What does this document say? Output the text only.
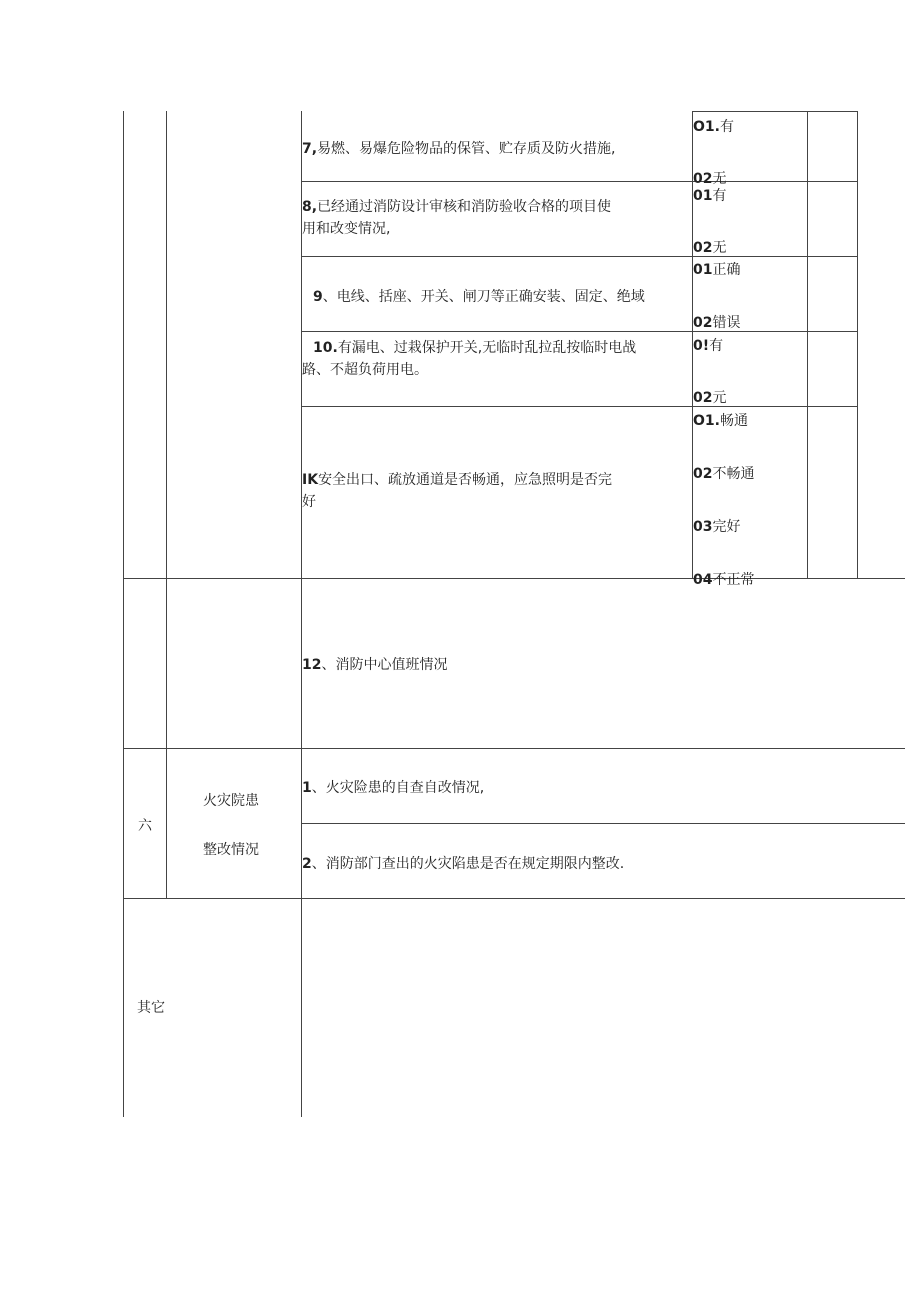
7,易燃、易爆危险物品的保管、贮存质及防火措施,
O1.有
02无
8,已经通过消防设计审核和消防验收合格的项目使
用和改变情况,
01有
02无
9、电线、括座、开关、闸刀等正确安装、固定、绝域
01正确
02错误
10.有漏电、过栽保护开关,无临时乱拉乱按临时电战
路、不超负荷用电。
0!有
02元
IK安全出口、疏放通道是否畅通，应急照明是否完
好
O1.畅通
02不畅通
03完好
04不正常
12、消防中心值班情况
六
火灾院患
整改情况
1、火灾险患的自查自改情况,
2、消防部门查出的火灾陷患是否在规定期限内整改.
其它
